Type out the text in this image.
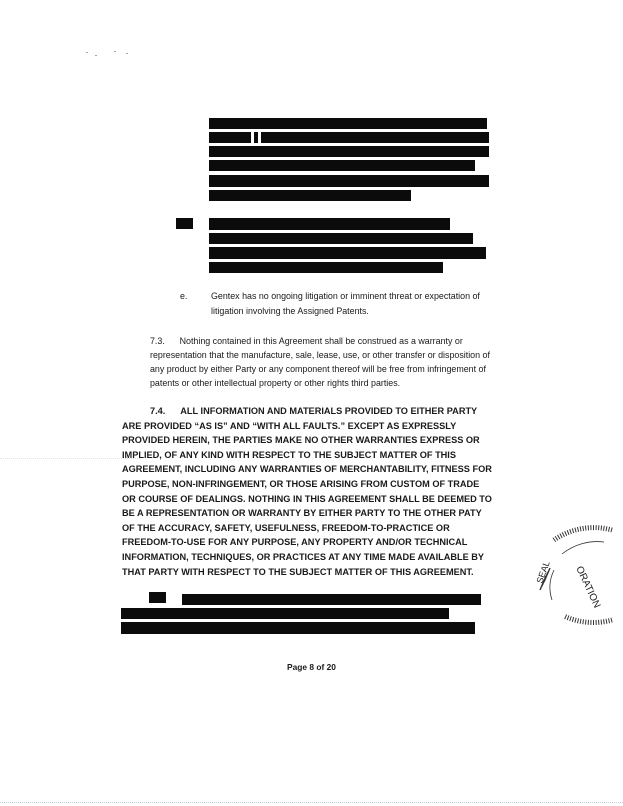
e.	Gentex has no ongoing litigation or imminent threat or expectation of litigation involving the Assigned Patents.

7.3.      Nothing contained in this Agreement shall be construed as a warranty or representation that the manufacture, sale, lease, use, or other transfer or disposition of any product by either Party or any component thereof will be free from infringement of patents or other intellectual property or other rights third parties.

7.4.      ALL INFORMATION AND MATERIALS PROVIDED TO EITHER PARTY ARE PROVIDED “AS IS” AND “WITH ALL FAULTS.” EXCEPT AS EXPRESSLY PROVIDED HEREIN, THE PARTIES MAKE NO OTHER WARRANTIES EXPRESS OR IMPLIED, OF ANY KIND WITH RESPECT TO THE SUBJECT MATTER OF THIS AGREEMENT, INCLUDING ANY WARRANTIES OF MERCHANTABILITY, FITNESS FOR PURPOSE, NON-INFRINGEMENT, OR THOSE ARISING FROM CUSTOM OF TRADE OR COURSE OF DEALINGS. NOTHING IN THIS AGREEMENT SHALL BE DEEMED TO BE A REPRESENTATION OR WARRANTY BY EITHER PARTY TO THE OTHER PATY OF THE ACCURACY, SAFETY, USEFULNESS, FREEDOM-TO-PRACTICE OR FREEDOM-TO-USE FOR ANY PURPOSE, ANY PROPERTY AND/OR TECHNICAL INFORMATION, TECHNIQUES, OR PRACTICES AT ANY TIME MADE AVAILABLE BY THAT PARTY WITH RESPECT TO THE SUBJECT MATTER OF THIS AGREEMENT.	ORATION
SEAL
Page 8 of 20
